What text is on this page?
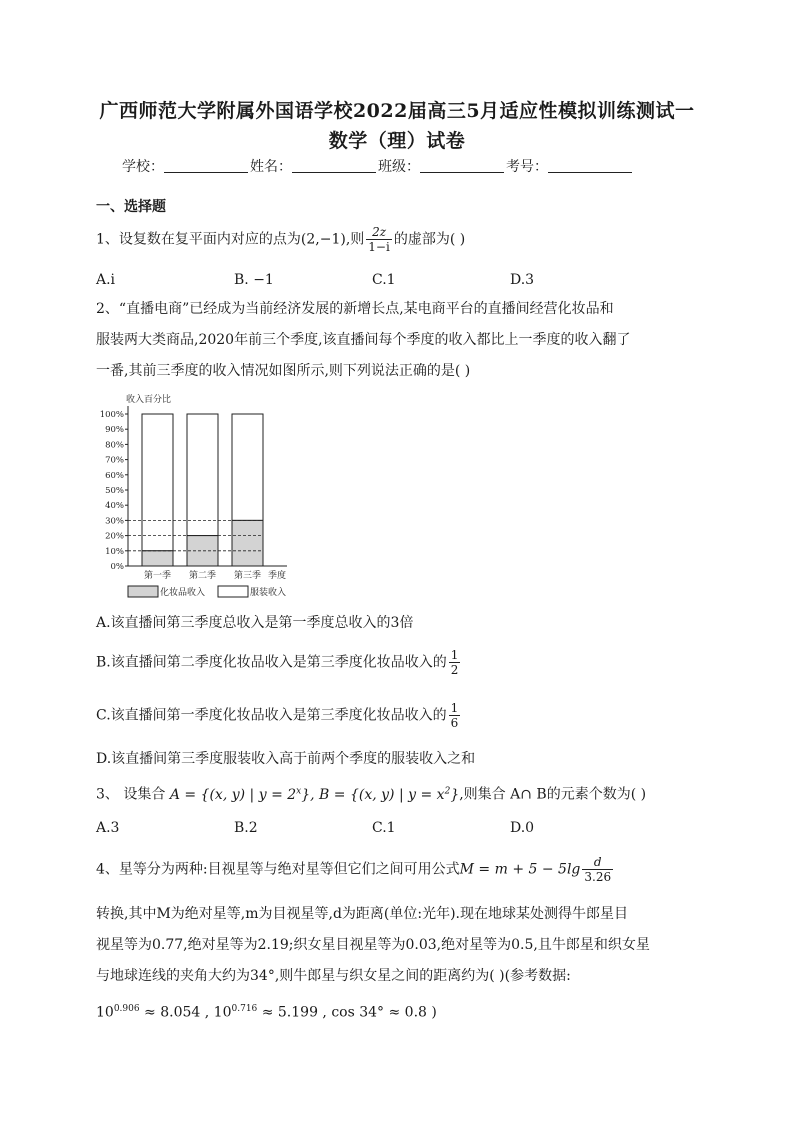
广西师范大学附属外国语学校2022届高三5月适应性模拟训练测试一
数学（理）试卷
学校：	姓名：	班级：	考号：
一、选择题
1、设复数在复平面内对应的点为(2,−1),则 $\frac{2z}{1-i}$ 的虚部为( )
A.i	B. −1	C.1	D.3
2、“直播电商”已经成为当前经济发展的新增长点,某电商平台的直播间经营化妆品和
服装两大类商品,2020年前三个季度,该直播间每个季度的收入都比上一季度的收入翻了
一番,其前三季度的收入情况如图所示,则下列说法正确的是( )
收入百分比
0%
10%
20%
30%
40%
50%
60%
70%
80%
90%
100%
第一季 第二季 第三季 季度
化妆品收入	服装收入
A.该直播间第三季度总收入是第一季度总收入的3倍
B.该直播间第二季度化妆品收入是第三季度化妆品收入的 $\frac{1}{2}$
C.该直播间第一季度化妆品收入是第三季度化妆品收入的 $\frac{1}{6}$
D.该直播间第三季度服装收入高于前两个季度的服装收入之和
3、 设集合 A = {(x, y) | $y = 2^x$}, B = {(x, y) | $y = x^2$},则集合 A∩ B的元素个数为( )
A.3	B.2	C.1	D.0
4、星等分为两种:目视星等与绝对星等但它们之间可用公式$M = m + 5 - 5\lg \frac{d}{3.26}$
转换,其中M为绝对星等,m为目视星等,d为距离(单位:光年).现在地球某处测得牛郎星目
视星等为0.77,绝对星等为2.19;织女星目视星等为0.03,绝对星等为0.5,且牛郎星和织女星
与地球连线的夹角大约为34°,则牛郎星与织女星之间的距离约为( )(参考数据:
$10^{0.906} \approx 8.054$ , $10^{0.716} \approx 5.199$ , cos 34° ≈ 0.8 )
